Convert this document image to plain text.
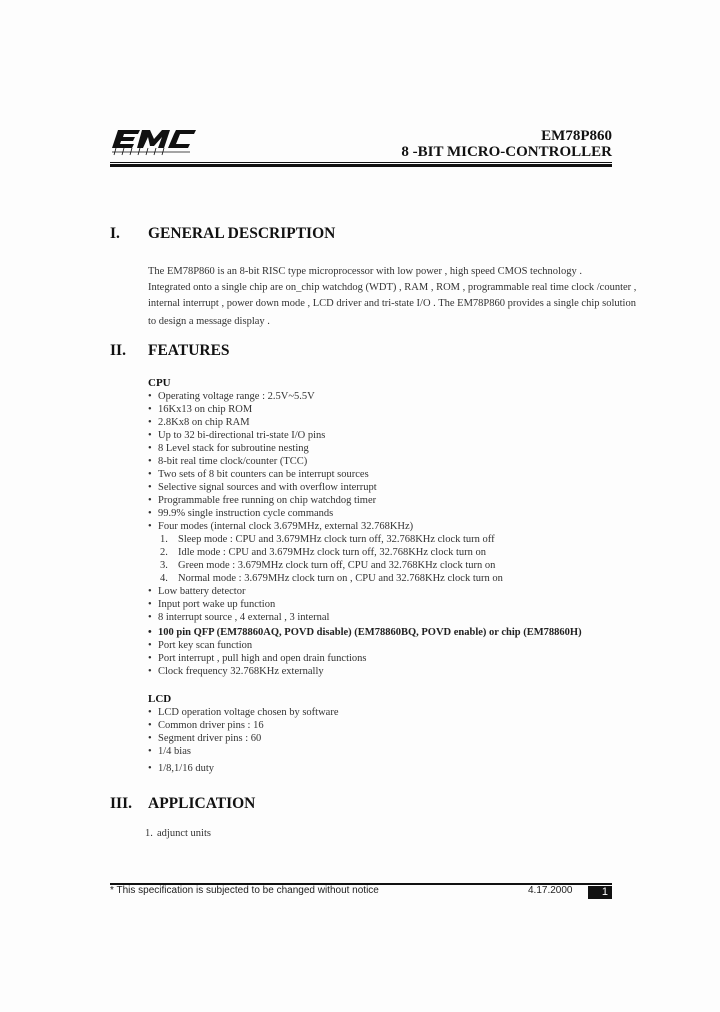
EM78P860
8 -BIT MICRO-CONTROLLER
I. GENERAL DESCRIPTION
The EM78P860 is an 8-bit RISC type microprocessor with low power , high speed CMOS technology .
Integrated onto a single chip are on_chip watchdog (WDT) , RAM , ROM , programmable real time clock /counter ,
internal interrupt , power down mode , LCD driver and tri-state I/O . The EM78P860 provides a single chip solution
to design a message display .
II. FEATURES
CPU
• Operating voltage range : 2.5V~5.5V
• 16Kx13 on chip ROM
• 2.8Kx8 on chip RAM
• Up to 32 bi-directional tri-state I/O pins
• 8 Level stack for subroutine nesting
• 8-bit real time clock/counter (TCC)
• Two sets of 8 bit counters can be interrupt sources
• Selective signal sources and with overflow interrupt
• Programmable free running on chip watchdog timer
• 99.9% single instruction cycle commands
• Four modes (internal clock 3.679MHz, external 32.768KHz)
1. Sleep mode : CPU and 3.679MHz clock turn off, 32.768KHz clock turn off
2. Idle mode : CPU and 3.679MHz clock turn off, 32.768KHz clock turn on
3. Green mode : 3.679MHz clock turn off, CPU and 32.768KHz clock turn on
4. Normal mode : 3.679MHz clock turn on , CPU and 32.768KHz clock turn on
• Low battery detector
• Input port wake up function
• 8 interrupt source , 4 external , 3 internal
• 100 pin QFP (EM78860AQ, POVD disable) (EM78860BQ, POVD enable) or chip (EM78860H)
• Port key scan function
• Port interrupt , pull high and open drain functions
• Clock frequency 32.768KHz externally
LCD
• LCD operation voltage chosen by software
• Common driver pins : 16
• Segment driver pins : 60
• 1/4 bias
• 1/8,1/16 duty
III. APPLICATION
1. adjunct units
* This specification is subjected to be changed without notice	4.17.2000	1
